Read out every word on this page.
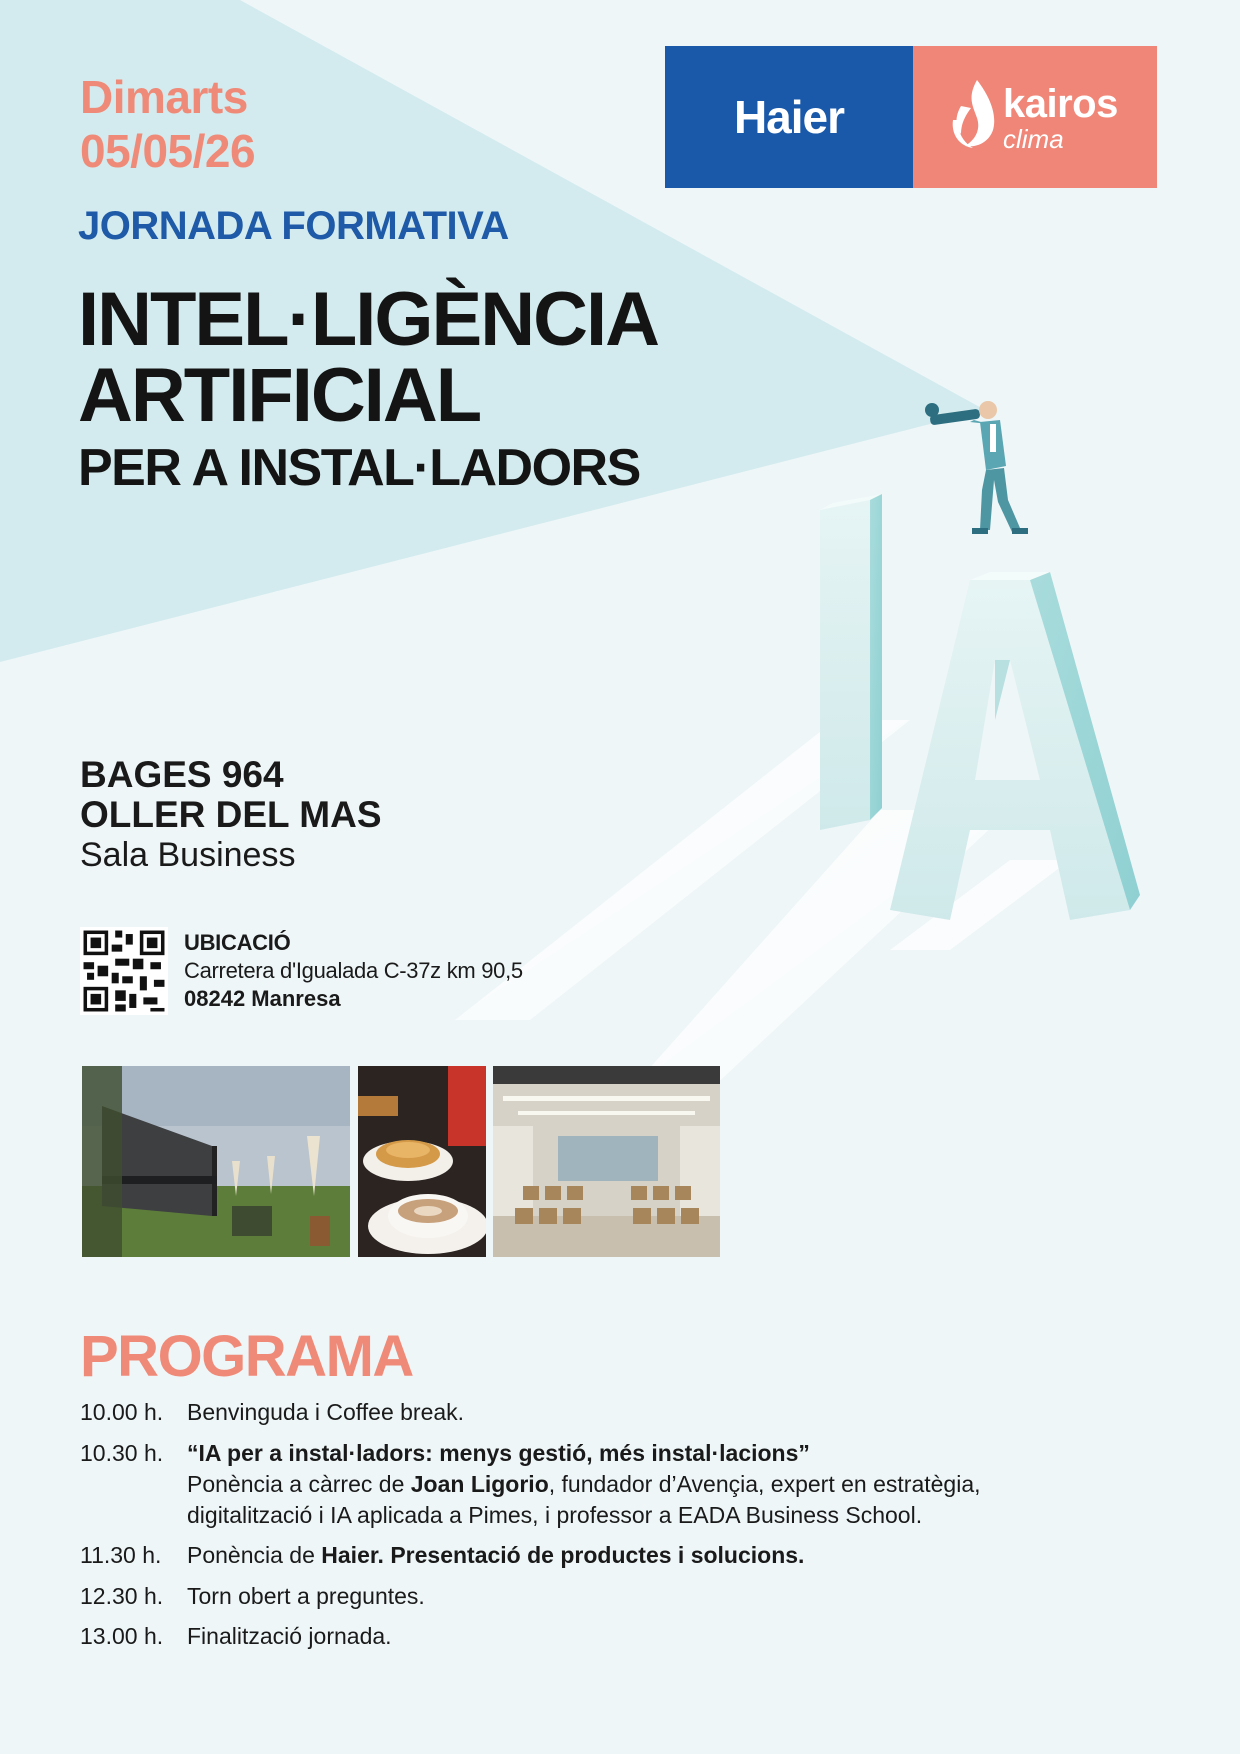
Dimarts
05/05/26
JORNADA FORMATIVA
INTEL·LIGÈNCIA
ARTIFICIAL
PER A INSTAL·LADORS
Haier	kairos
clima
BAGES 964
OLLER DEL MAS
Sala Business
UBICACIÓ
Carretera d'Igualada C-37z km 90,5
08242 Manresa
PROGRAMA
10.00 h. Benvinguda i Coffee break.
10.30 h. “IA per a instal·ladors: menys gestió, més instal·lacions”
Ponència a càrrec de Joan Ligorio, fundador d’Avençia, expert en estratègia,
digitalització i IA aplicada a Pimes, i professor a EADA Business School.
11.30 h. Ponència de Haier. Presentació de productes i solucions.
12.30 h. Torn obert a preguntes.
13.00 h. Finalització jornada.
